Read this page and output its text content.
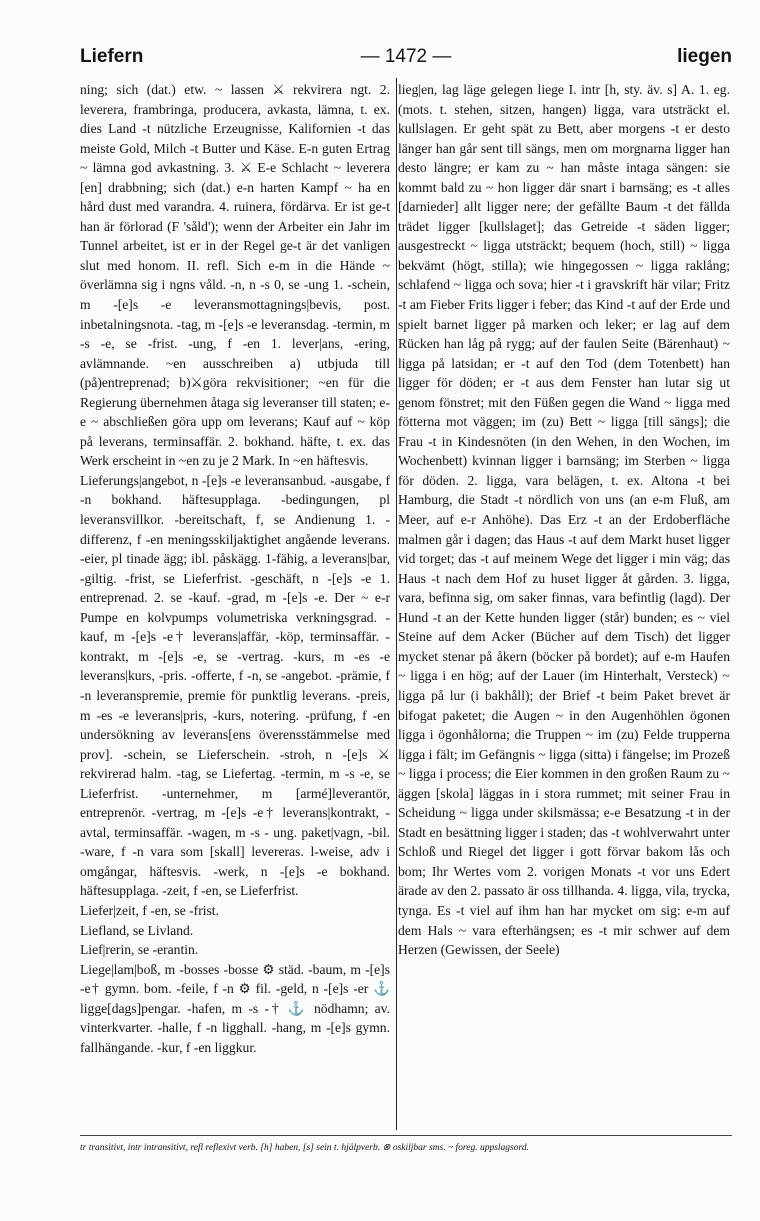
Liefern	— 1472 —	liegen

ning; sich (dat.) etw. ~ lassen ⚔ rekvirera ngt. 2. leverera, frambringa, producera, avkasta, lämna, t. ex. dies Land -t nützliche Erzeugnisse, Kalifornien -t das meiste Gold, Milch -t Butter und Käse. E-n guten Ertrag ~ lämna god avkastning. 3. ⚔ E-e Schlacht ~ leverera [en] drabbning; sich (dat.) e-n harten Kampf ~ ha en hård dust med varandra. 4. ruinera, fördärva. Er ist ge-t han är förlorad (F 'såld'); wenn der Arbeiter ein Jahr im Tunnel arbeitet, ist er in der Regel ge-t är det vanligen slut med honom. II. refl. Sich e-m in die Hände ~ överlämna sig i ngns våld. -n, n -s 0, se -ung 1. -schein, m -[e]s -e leveransmottagnings|bevis, post. inbetalningsnota. -tag, m -[e]s -e leveransdag. -termin, m -s -e, se -frist. -ung, f -en 1. lever|ans, -ering, avlämnande. ~en ausschreiben a) utbjuda till (på)entreprenad; b)⚔göra rekvisitioner; ~en für die Regierung übernehmen åtaga sig leveranser till staten; e-e ~ abschließen göra upp om leverans; Kauf auf ~ köp på leverans, terminsaffär. 2. bokhand. häfte, t. ex. das Werk erscheint in ~en zu je 2 Mark. In ~en häftesvis.

Lieferungs|angebot, n -[e]s -e leveransanbud. -ausgabe, f -n bokhand. häftesupplaga. -bedingungen, pl leveransvillkor. -bereitschaft, f, se Andienung 1. -differenz, f -en meningsskiljaktighet angående leverans. -eier, pl tinade ägg; ibl. påskägg. 1-fähig, a leverans|bar, -giltig. -frist, se Lieferfrist. -geschäft, n -[e]s -e 1. entreprenad. 2. se -kauf. -grad, m -[e]s -e. Der ~ e-r Pumpe en kolvpumps volumetriska verkningsgrad. -kauf, m -[e]s -e† leverans|affär, -köp, terminsaffär. -kontrakt, m -[e]s -e, se -vertrag. -kurs, m -es -e leverans|kurs, -pris. -offerte, f -n, se -angebot. -prämie, f -n leveranspremie, premie för punktlig leverans. -preis, m -es -e leverans|pris, -kurs, notering. -prüfung, f -en undersökning av leverans[ens överensstämmelse med prov]. -schein, se Lieferschein. -stroh, n -[e]s ⚔ rekvirerad halm. -tag, se Liefertag. -termin, m -s -e, se Lieferfrist. -unternehmer, m [armé]leverantör, entreprenör. -vertrag, m -[e]s -e† leverans|kontrakt, -avtal, terminsaffär. -wagen, m -s - ung. paket|vagn, -bil. -ware, f -n vara som [skall] levereras. l-weise, adv i omgångar, häftesvis. -werk, n -[e]s -e bokhand. häftesupplaga. -zeit, f -en, se Lieferfrist.

Liefer|zeit, f -en, se -frist.

Liefland, se Livland.

Lief|rerin, se -erantin.

Liege|lam|boß, m -bosses -bosse ⚙ städ. -baum, m -[e]s -e† gymn. bom. -feile, f -n ⚙ fil. -geld, n -[e]s -er ⚓ ligge[dags]pengar. -hafen, m -s -† ⚓ nödhamn; av. vinterkvarter. -halle, f -n ligghall. -hang, m -[e]s gymn. fallhängande. -kur, f -en liggkur.

lieg|en, lag läge gelegen liege I. intr [h, sty. äv. s] A. 1. eg. (mots. t. stehen, sitzen, hangen) ligga, vara utsträckt el. kullslagen. Er geht spät zu Bett, aber morgens -t er desto länger han går sent till sängs, men om morgnarna ligger han desto längre; er kam zu ~ han måste intaga sängen: sie kommt bald zu ~ hon ligger där snart i barnsäng; es -t alles [darnieder] allt ligger nere; der gefällte Baum -t det fällda trädet ligger [kullslaget]; das Getreide -t säden ligger; ausgestreckt ~ ligga utsträckt; bequem (hoch, still) ~ ligga bekvämt (högt, stilla); wie hingegossen ~ ligga raklång; schlafend ~ ligga och sova; hier -t i gravskrift här vilar; Fritz -t am Fieber Frits ligger i feber; das Kind -t auf der Erde und spielt barnet ligger på marken och leker; er lag auf dem Rücken han låg på rygg; auf der faulen Seite (Bärenhaut) ~ ligga på latsidan; er -t auf den Tod (dem Totenbett) han ligger för döden; er -t aus dem Fenster han lutar sig ut genom fönstret; mit den Füßen gegen die Wand ~ ligga med fötterna mot väggen; im (zu) Bett ~ ligga [till sängs]; die Frau -t in Kindesnöten (in den Wehen, in den Wochen, im Wochenbett) kvinnan ligger i barnsäng; im Sterben ~ ligga för döden. 2. ligga, vara belägen, t. ex. Altona -t bei Hamburg, die Stadt -t nördlich von uns (an e-m Fluß, am Meer, auf e-r Anhöhe). Das Erz -t an der Erdoberfläche malmen går i dagen; das Haus -t auf dem Markt huset ligger vid torget; das -t auf meinem Wege det ligger i min väg; das Haus -t nach dem Hof zu huset ligger åt gården. 3. ligga, vara, befinna sig, om saker finnas, vara befintlig (lagd). Der Hund -t an der Kette hunden ligger (står) bunden; es ~ viel Steine auf dem Acker (Bücher auf dem Tisch) det ligger mycket stenar på åkern (böcker på bordet); auf e-m Haufen ~ ligga i en hög; auf der Lauer (im Hinterhalt, Versteck) ~ ligga på lur (i bakhåll); der Brief -t beim Paket brevet är bifogat paketet; die Augen ~ in den Augenhöhlen ögonen ligga i ögonhålorna; die Truppen ~ im (zu) Felde trupperna ligga i fält; im Gefängnis ~ ligga (sitta) i fängelse; im Prozeß ~ ligga i process; die Eier kommen in den großen Raum zu ~ äggen [skola] läggas in i stora rummet; mit seiner Frau in Scheidung ~ ligga under skilsmässa; e-e Besatzung -t in der Stadt en besättning ligger i staden; das -t wohlverwahrt unter Schloß und Riegel det ligger i gott förvar bakom lås och bom; Ihr Wertes vom 2. vorigen Monats -t vor uns Edert ärade av den 2. passato är oss tillhanda. 4. ligga, vila, trycka, tynga. Es -t viel auf ihm han har mycket om sig: e-m auf dem Hals ~ vara efterhängsen; es -t mir schwer auf dem Herzen (Gewissen, der Seele)

tr transitivt, intr intransitivt, refl reflexivt verb. [h] haben, [s] sein t. hjälpverb. ⊗ oskiljbar sms. ~ foreg. uppslagsord.
